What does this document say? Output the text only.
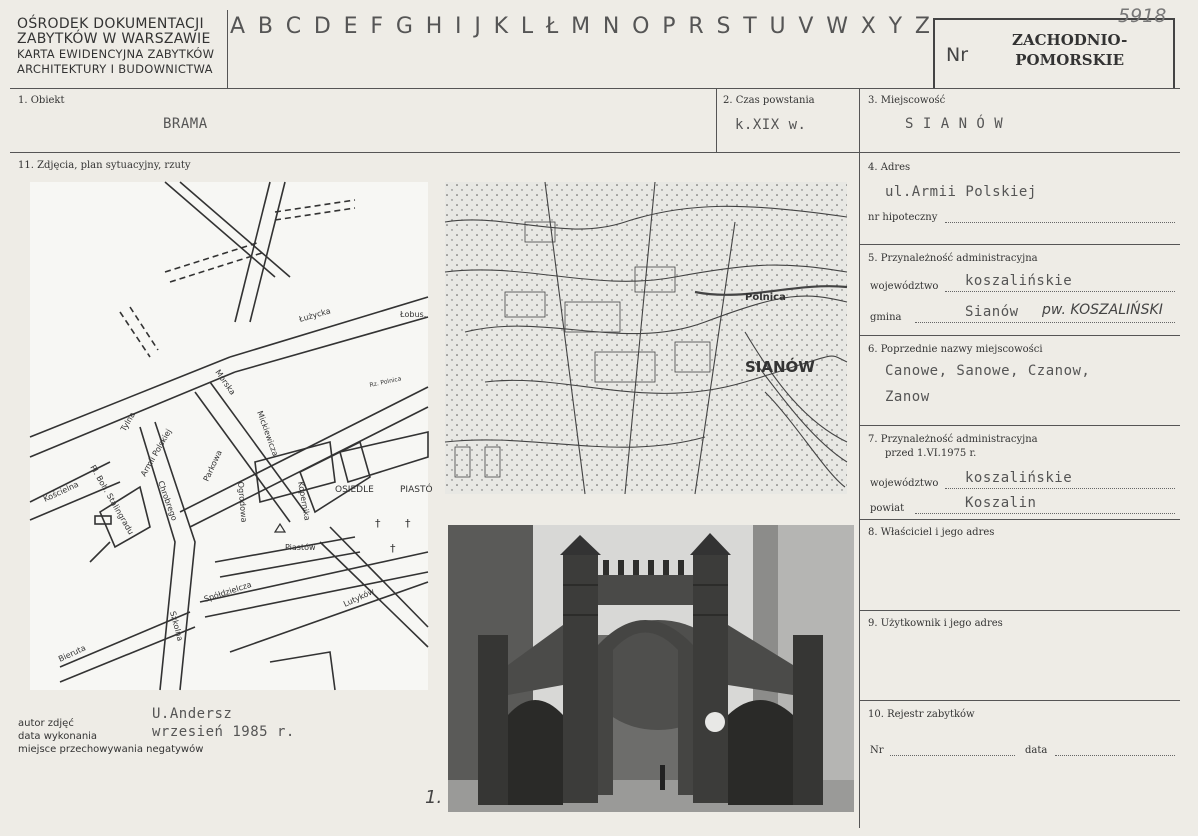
OŚRODEK DOKUMENTACJI
ZABYTKÓW W WARSZAWIE
KARTA EWIDENCYJNA ZABYTKÓW
ARCHITEKTURY I BUDOWNICTWA
A B C D E F G H I J K L Ł M N O P R S T U V W X Y Z
Nr
ZACHODNIO-
POMORSKIE
5918
1. Obiekt
BRAMA
2. Czas powstania
k.XIX w.
3. Miejscowość
S I A N Ó W
11. Zdjęcia, plan sytuacyjny, rzuty	4. Adres
ul.Armii Polskiej
nr hipoteczny
5. Przynależność administracyjna
województwo koszalińskie
gmina	Sianów pw. KOSZALIŃSKI
6. Poprzednie nazwy miejscowości
Canowe, Sanowe, Czanow,
Zanow
7. Przynależność administracyjna
przed 1.VI.1975 r.
województwo koszalińskie
powiat	Koszalin
8. Właściciel i jego adres
9. Użytkownik i jego adres
10. Rejestr zabytków
Nr	data
OSIEDLE	PIASTÓ
Piastów
Lutyków
Spółdzielcza
Bieruta
Szkolna
Kościelna
Armii Polskiej
Tylna
Morska
Łużycka	Łobus.
Mickiewicza
Parkowa
Kopernika
Chrobrego	Ogrodowa
Pl. Boh. Stalingradu
Rz. Polnica
† †
†
Polnica
SIANÓW
autor zdjęć
data wykonania
miejsce przechowywania negatywów
U.Andersz
wrzesień 1985 r.
1.
